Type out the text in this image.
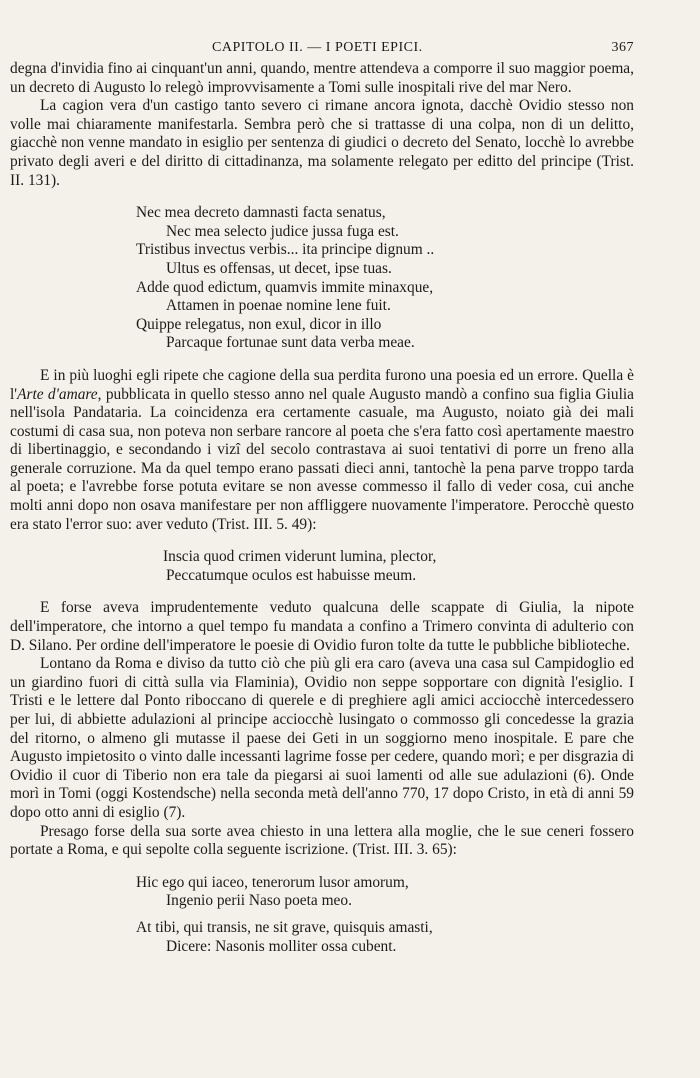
CAPITOLO II. — I POETI EPICI.	367

degna d'invidia fino ai cinquant'un anni, quando, mentre attendeva a comporre il suo maggior poema, un decreto di Augusto lo relegò improvvisamente a Tomi sulle inospitali rive del mar Nero.

La cagion vera d'un castigo tanto severo ci rimane ancora ignota, dacchè Ovidio stesso non volle mai chiaramente manifestarla. Sembra però che si trattasse di una colpa, non di un delitto, giacchè non venne mandato in esiglio per sentenza di giudici o decreto del Senato, locchè lo avrebbe privato degli averi e del diritto di cittadinanza, ma solamente relegato per editto del principe (Trist. II. 131).

Nec mea decreto damnasti facta senatus,
Nec mea selecto judice jussa fuga est.
Tristibus invectus verbis... ita principe dignum ..
Ultus es offensas, ut decet, ipse tuas.
Adde quod edictum, quamvis immite minaxque,
Attamen in poenae nomine lene fuit.
Quippe relegatus, non exul, dicor in illo
Parcaque fortunae sunt data verba meae.

E in più luoghi egli ripete che cagione della sua perdita furono una poesia ed un errore. Quella è l'Arte d'amare, pubblicata in quello stesso anno nel quale Augusto mandò a confino sua figlia Giulia nell'isola Pandataria. La coincidenza era certamente casuale, ma Augusto, noiato già dei mali costumi di casa sua, non poteva non serbare rancore al poeta che s'era fatto così apertamente maestro di libertinaggio, e secondando i vizî del secolo contrastava ai suoi tentativi di porre un freno alla generale corruzione. Ma da quel tempo erano passati dieci anni, tantochè la pena parve troppo tarda al poeta; e l'avrebbe forse potuta evitare se non avesse commesso il fallo di veder cosa, cui anche molti anni dopo non osava manifestare per non affliggere nuovamente l'imperatore. Perocchè questo era stato l'error suo: aver veduto (Trist. III. 5. 49):

Inscia quod crimen viderunt lumina, plector,
Peccatumque oculos est habuisse meum.

E forse aveva imprudentemente veduto qualcuna delle scappate di Giulia, la nipote dell'imperatore, che intorno a quel tempo fu mandata a confino a Trimero convinta di adulterio con D. Silano. Per ordine dell'imperatore le poesie di Ovidio furon tolte da tutte le pubbliche biblioteche.

Lontano da Roma e diviso da tutto ciò che più gli era caro (aveva una casa sul Campidoglio ed un giardino fuori di città sulla via Flaminia), Ovidio non seppe sopportare con dignità l'esiglio. I Tristi e le lettere dal Ponto riboccano di querele e di preghiere agli amici acciocchè intercedessero per lui, di abbiette adulazioni al principe acciocchè lusingato o commosso gli concedesse la grazia del ritorno, o almeno gli mutasse il paese dei Geti in un soggiorno meno inospitale. E pare che Augusto impietosito o vinto dalle incessanti lagrime fosse per cedere, quando morì; e per disgrazia di Ovidio il cuor di Tiberio non era tale da piegarsi ai suoi lamenti od alle sue adulazioni (6). Onde morì in Tomi (oggi Kostendsche) nella seconda metà dell'anno 770, 17 dopo Cristo, in età di anni 59 dopo otto anni di esiglio (7).

Presago forse della sua sorte avea chiesto in una lettera alla moglie, che le sue ceneri fossero portate a Roma, e qui sepolte colla seguente iscrizione. (Trist. III. 3. 65):

Hic ego qui iaceo, tenerorum lusor amorum,
Ingenio perii Naso poeta meo.
At tibi, qui transis, ne sit grave, quisquis amasti,
Dicere: Nasonis molliter ossa cubent.
